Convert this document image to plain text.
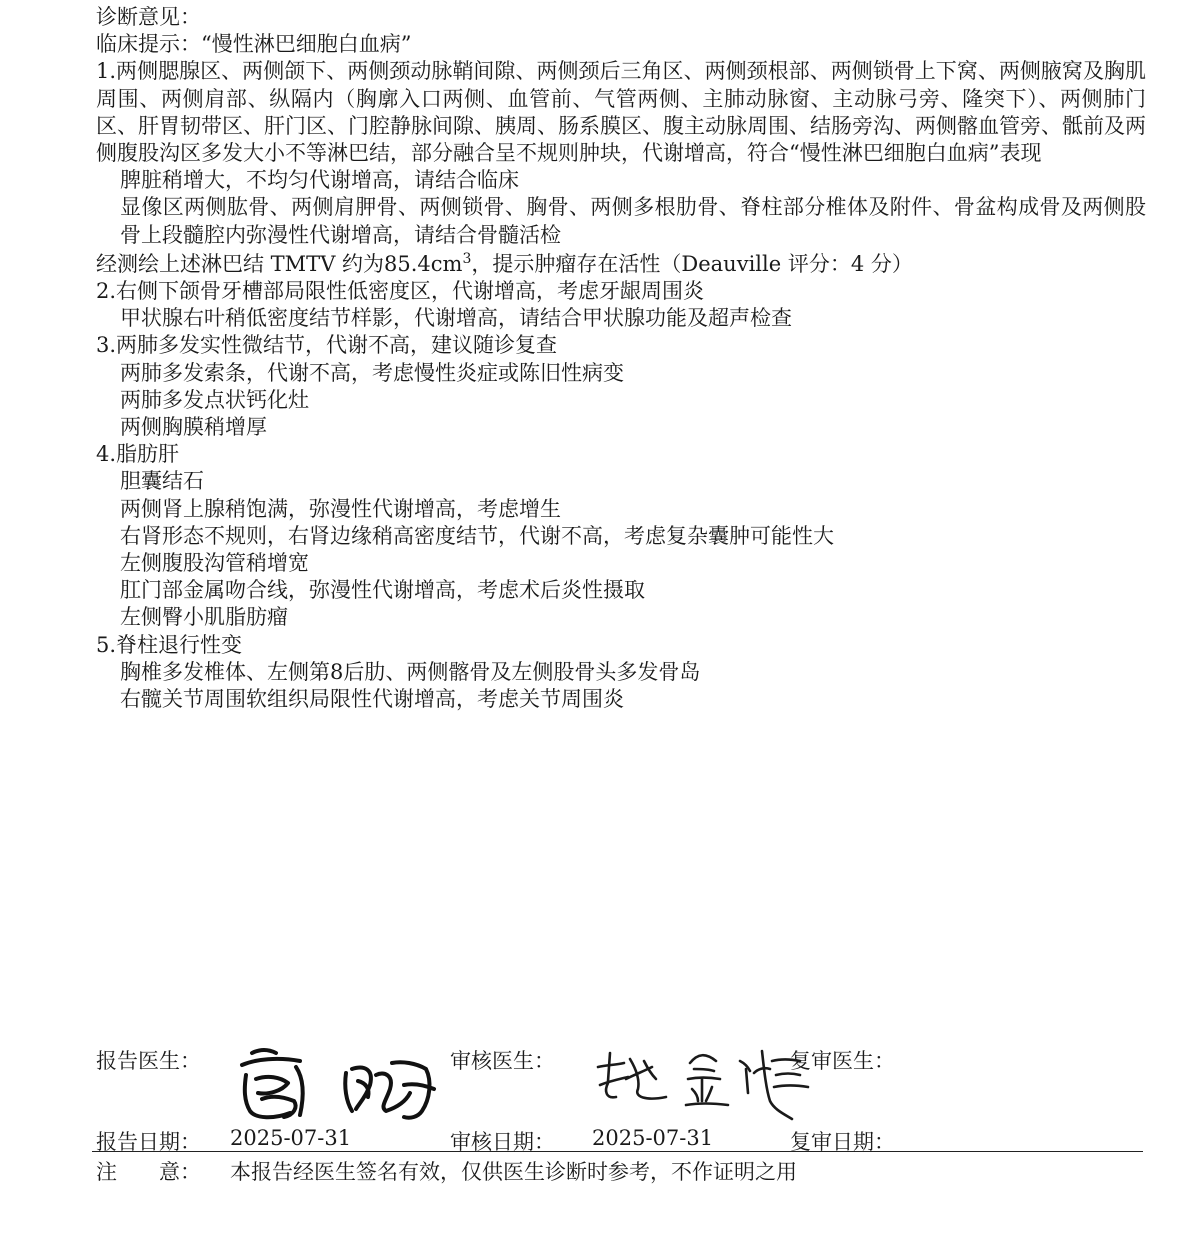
诊断意见：
临床提示：“慢性淋巴细胞白血病”
1.两侧腮腺区、两侧颌下、两侧颈动脉鞘间隙、两侧颈后三角区、两侧颈根部、两侧锁骨上下窝、两侧腋窝及胸肌周围、两侧肩部、纵隔内（胸廓入口两侧、血管前、气管两侧、主肺动脉窗、主动脉弓旁、隆突下）、两侧肺门区、肝胃韧带区、肝门区、门腔静脉间隙、胰周、肠系膜区、腹主动脉周围、结肠旁沟、两侧髂血管旁、骶前及两侧腹股沟区多发大小不等淋巴结，部分融合呈不规则肿块，代谢增高，符合“慢性淋巴细胞白血病”表现
脾脏稍增大，不均匀代谢增高，请结合临床
显像区两侧肱骨、两侧肩胛骨、两侧锁骨、胸骨、两侧多根肋骨、脊柱部分椎体及附件、骨盆构成骨及两侧股骨上段髓腔内弥漫性代谢增高，请结合骨髓活检
经测绘上述淋巴结 TMTV 约为$85.4cm^3$，提示肿瘤存在活性（Deauville 评分：4 分）
2.右侧下颌骨牙槽部局限性低密度区，代谢增高，考虑牙龈周围炎
甲状腺右叶稍低密度结节样影，代谢增高，请结合甲状腺功能及超声检查
3.两肺多发实性微结节，代谢不高，建议随诊复查
两肺多发索条，代谢不高，考虑慢性炎症或陈旧性病变
两肺多发点状钙化灶
两侧胸膜稍增厚
4.脂肪肝
胆囊结石
两侧肾上腺稍饱满，弥漫性代谢增高，考虑增生
右肾形态不规则，右肾边缘稍高密度结节，代谢不高，考虑复杂囊肿可能性大
左侧腹股沟管稍增宽
肛门部金属吻合线，弥漫性代谢增高，考虑术后炎性摄取
左侧臀小肌脂肪瘤
5.脊柱退行性变
胸椎多发椎体、左侧第8后肋、两侧髂骨及左侧股骨头多发骨岛
右髋关节周围软组织局限性代谢增高，考虑关节周围炎
报告医生：	审核医生：	复审医生：
报告日期： 2025-07-31	审核日期： 2025-07-31	复审日期：
注　　意： 本报告经医生签名有效，仅供医生诊断时参考，不作证明之用
